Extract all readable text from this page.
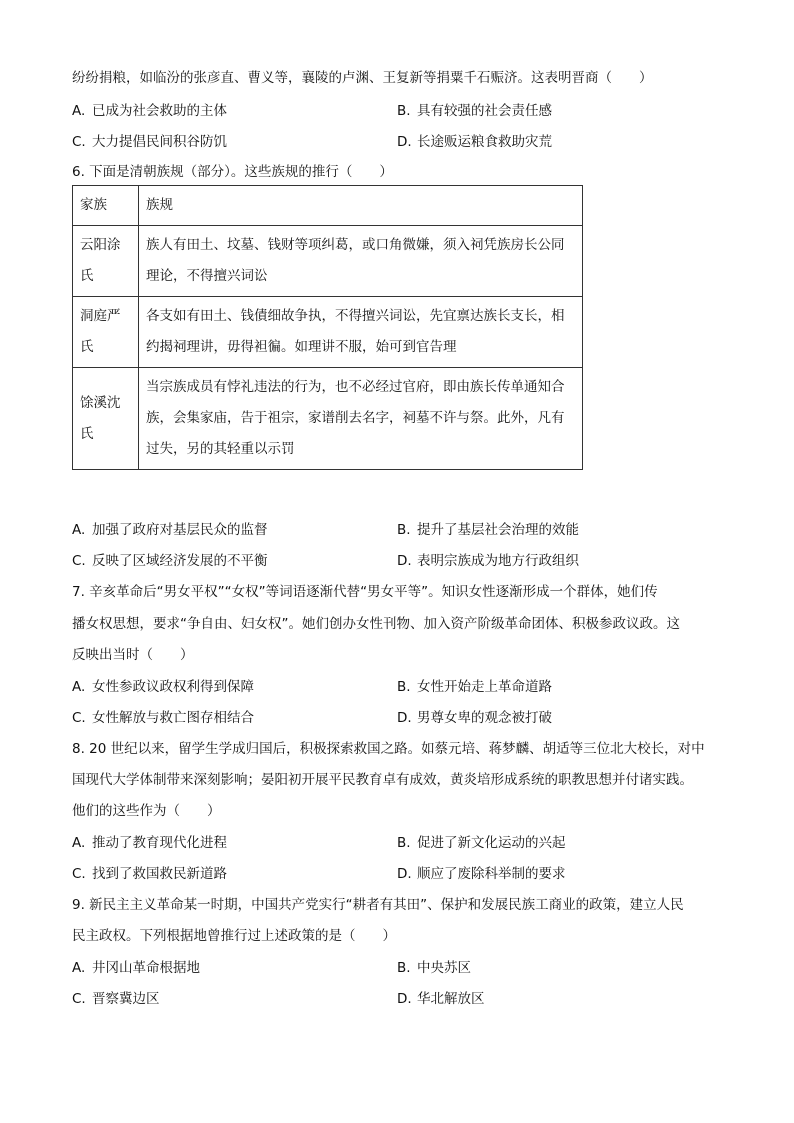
纷纷捐粮，如临汾的张彦直、曹义等，襄陵的卢渊、王复新等捐粟千石赈济。这表明晋商（　　）
A. 已成为社会救助的主体	B. 具有较强的社会责任感
C. 大力提倡民间积谷防饥	D. 长途贩运粮食救助灾荒
6. 下面是清朝族规（部分）。这些族规的推行（　　）
家族	族规
云阳涂氏	族人有田土、坟墓、钱财等项纠葛，或口角微嫌，须入祠凭族房长公同理论，不得擅兴词讼
洞庭严氏	各支如有田土、钱債细故争执，不得擅兴词讼，先宜禀达族长支长，相约揭祠理讲，毋得袒徧。如理讲不服，始可到官告理
馀溪沈氏	当宗族成员有悖礼违法的行为，也不必经过官府，即由族长传单通知合族，会集家庙，告于祖宗，家谱削去名字，祠墓不许与祭。此外，凡有过失，另的其轻重以示罚
A. 加强了政府对基层民众的监督	B. 提升了基层社会治理的效能
C. 反映了区域经济发展的不平衡	D. 表明宗族成为地方行政组织
7. 辛亥革命后“男女平权”“女权”等词语逐渐代替“男女平等”。知识女性逐渐形成一个群体，她们传
播女权思想，要求“争自由、妇女权”。她们创办女性刊物、加入资产阶级革命团体、积极参政议政。这
反映出当时（　　）
A. 女性参政议政权利得到保障	B. 女性开始走上革命道路
C. 女性解放与救亡图存相结合	D. 男尊女卑的观念被打破
8. 20 世纪以来，留学生学成归国后，积极探索救国之路。如蔡元培、蒋梦麟、胡适等三位北大校长，对中
国现代大学体制带来深刻影响；晏阳初开展平民教育卓有成效，黄炎培形成系统的职教思想并付诸实践。
他们的这些作为（　　）
A. 推动了教育现代化进程	B. 促进了新文化运动的兴起
C. 找到了救国救民新道路	D. 顺应了废除科举制的要求
9. 新民主主义革命某一时期，中国共产党实行“耕者有其田”、保护和发展民族工商业的政策，建立人民
民主政权。下列根据地曾推行过上述政策的是（　　）
A. 井冈山革命根据地	B. 中央苏区
C. 晋察冀边区	D. 华北解放区
